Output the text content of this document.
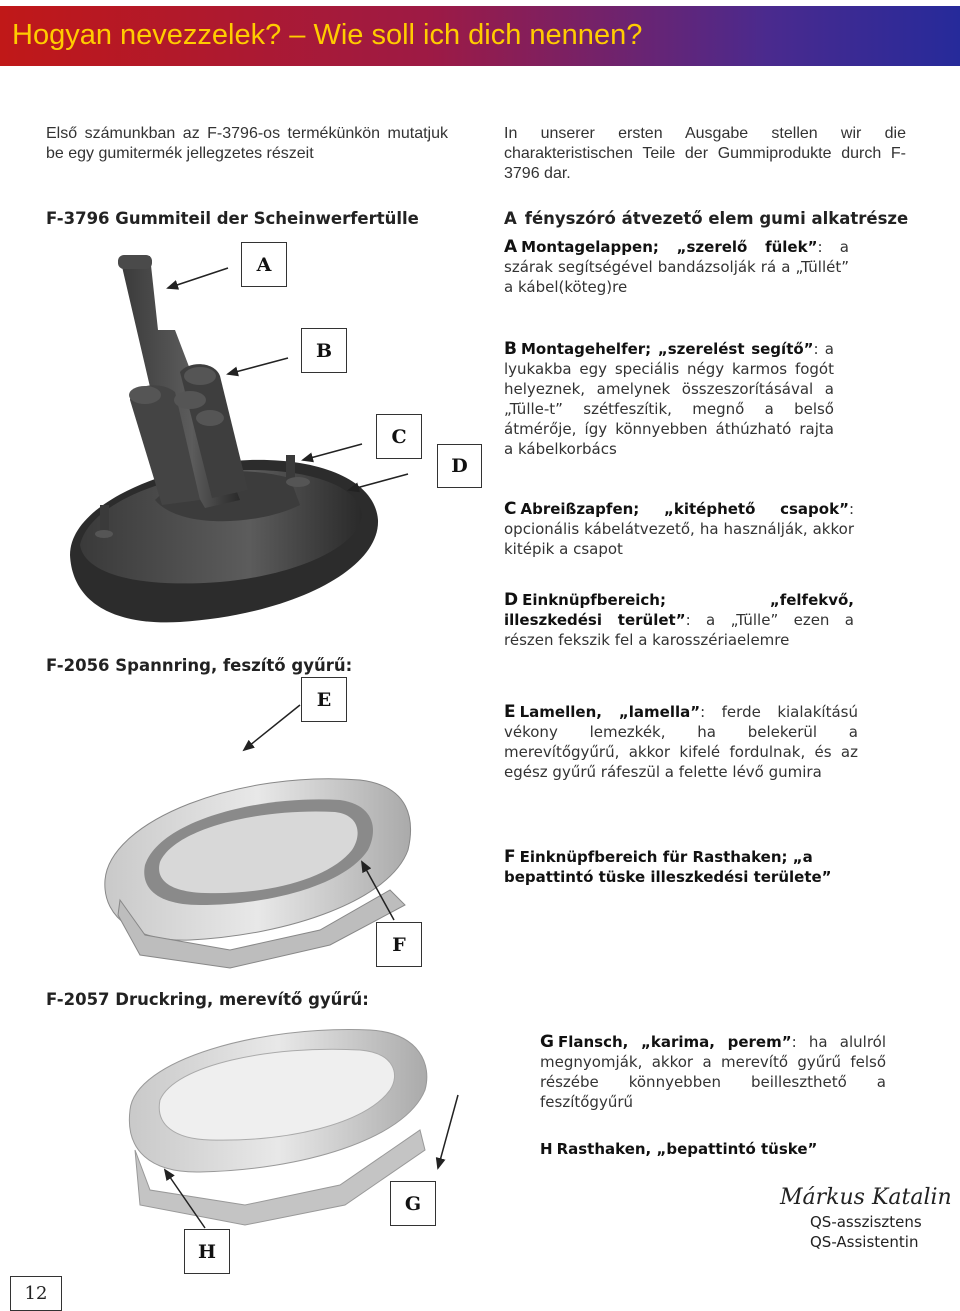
Hogyan nevezzelek? – Wie soll ich dich nennen?
Első számunkban az F-3796-os termékünkön mutatjuk be egy gumitermék jellegzetes részeit
In unserer ersten Ausgabe stellen wir die charakteristischen Teile der Gummiprodukte durch F-3796 dar.
F-3796 Gummiteil der Scheinwerfertülle	A fényszóró átvezető elem gumi alkatrésze
A
B
C
D
E
F
G
H
A Montagelappen; „szerelő fülek”: a szárak segítségével bandázsolják rá a „Tüllét” a kábel(köteg)re
B Montagehelfer; „szerelést segítő”: a lyukakba egy speciális négy karmos fogót helyeznek, amelynek összeszorításával a „Tülle-t” szétfeszítik, megnő a belső átmérője, így könnyebben áthúzható rajta a kábelkorbács
C Abreißzapfen; „kitéphető csapok”: opcionális kábelátvezető, ha használják, akkor kitépik a csapot
D Einknüpfbereich; „felfekvő, illeszkedési terület”: a „Tülle” ezen a részen fekszik fel a karosszériaelemre
F-2056 Spannring, feszítő gyűrű:
E Lamellen, „lamella”: ferde kialakítású vékony lemezkék, ha belekerül a merevítőgyűrű, akkor kifelé fordulnak, és az egész gyűrű ráfeszül a felette lévő gumira
F Einknüpfbereich für Rasthaken; „a bepattintó tüske illeszkedési területe”
F-2057 Druckring, merevítő gyűrű:
G Flansch, „karima, perem”: ha alulról megnyomják, akkor a merevítő gyűrű felső részébe könnyebben beilleszthető a feszítőgyűrű
H Rasthaken, „bepattintó tüske”
Márkus Katalin
QS-asszisztens
QS-Assistentin
12
